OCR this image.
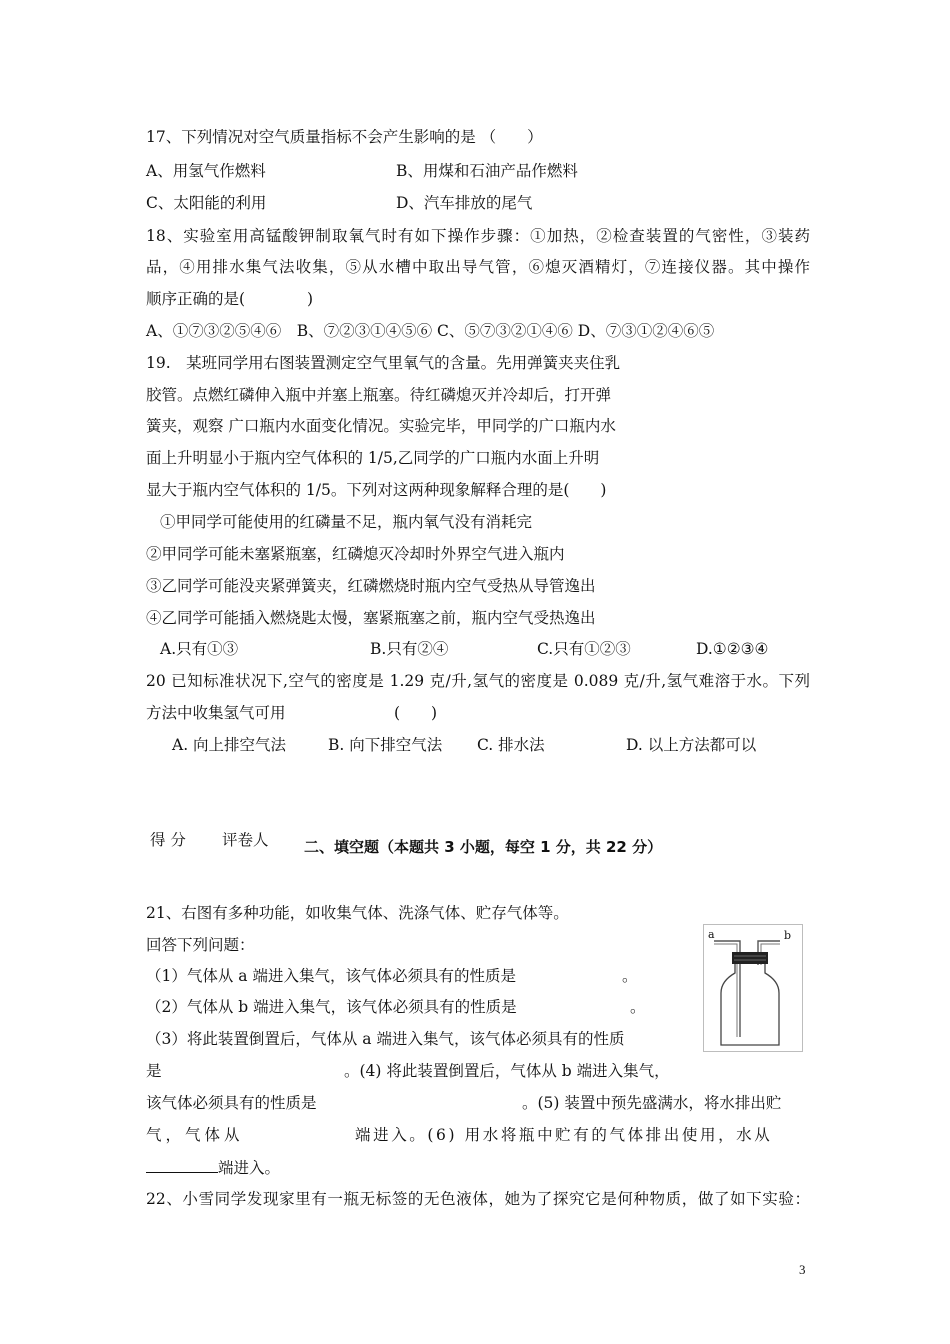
17、下列情况对空气质量指标不会产生影响的是 （　　）
A、用氢气作燃料	B、用煤和石油产品作燃料
C、太阳能的利用	D、汽车排放的尾气
18、实验室用高锰酸钾制取氧气时有如下操作步骤：①加热，②检查装置的气密性，③装药
品，④用排水集气法收集，⑤从水槽中取出导气管，⑥熄灭酒精灯，⑦连接仪器。其中操作
顺序正确的是(　　　　)
A、①⑦③②⑤④⑥　B、⑦②③①④⑤⑥ C、⑤⑦③②①④⑥ D、⑦③①②④⑥⑤
19.　某班同学用右图装置测定空气里氧气的含量。先用弹簧夹夹住乳
胶管。点燃红磷伸入瓶中并塞上瓶塞。待红磷熄灭并冷却后，打开弹
簧夹，观察 广口瓶内水面变化情况。实验完毕，甲同学的广口瓶内水
面上升明显小于瓶内空气体积的 1/5,乙同学的广口瓶内水面上升明
显大于瓶内空气体积的 1/5。下列对这两种现象解释合理的是(　　)
①甲同学可能使用的红磷量不足，瓶内氧气没有消耗完
②甲同学可能未塞紧瓶塞，红磷熄灭冷却时外界空气进入瓶内
③乙同学可能没夹紧弹簧夹，红磷燃烧时瓶内空气受热从导管逸出
④乙同学可能插入燃烧匙太慢，塞紧瓶塞之前，瓶内空气受热逸出
A.只有①③	B.只有②④	C.只有①②③	D.①②③④
20 已知标准状况下,空气的密度是 1.29 克/升,氢气的密度是 0.089 克/升,氢气难溶于水。下列
方法中收集氢气可用　　　　　　　(　　)
A. 向上排空气法	B. 向下排空气法 C. 排水法	D. 以上方法都可以
得 分 评卷人 二、填空题（本题共 3 小题，每空 1 分，共 22 分）
21、右图有多种功能，如收集气体、洗涤气体、贮存气体等。
回答下列问题：
（1）气体从 a 端进入集气，该气体必须具有的性质是	。
（2）气体从 b 端进入集气，该气体必须具有的性质是	。
（3）将此装置倒置后，气体从 a 端进入集气，该气体必须具有的性质
是	。(4) 将此装置倒置后，气体从 b 端进入集气，
该气体必须具有的性质是	。(5) 装置中预先盛满水，将水排出贮
气，气体从	端进入。(6) 用水将瓶中贮有的气体排出使用，水从
端进入。
a	b
22、小雪同学发现家里有一瓶无标签的无色液体，她为了探究它是何种物质，做了如下实验：
3
